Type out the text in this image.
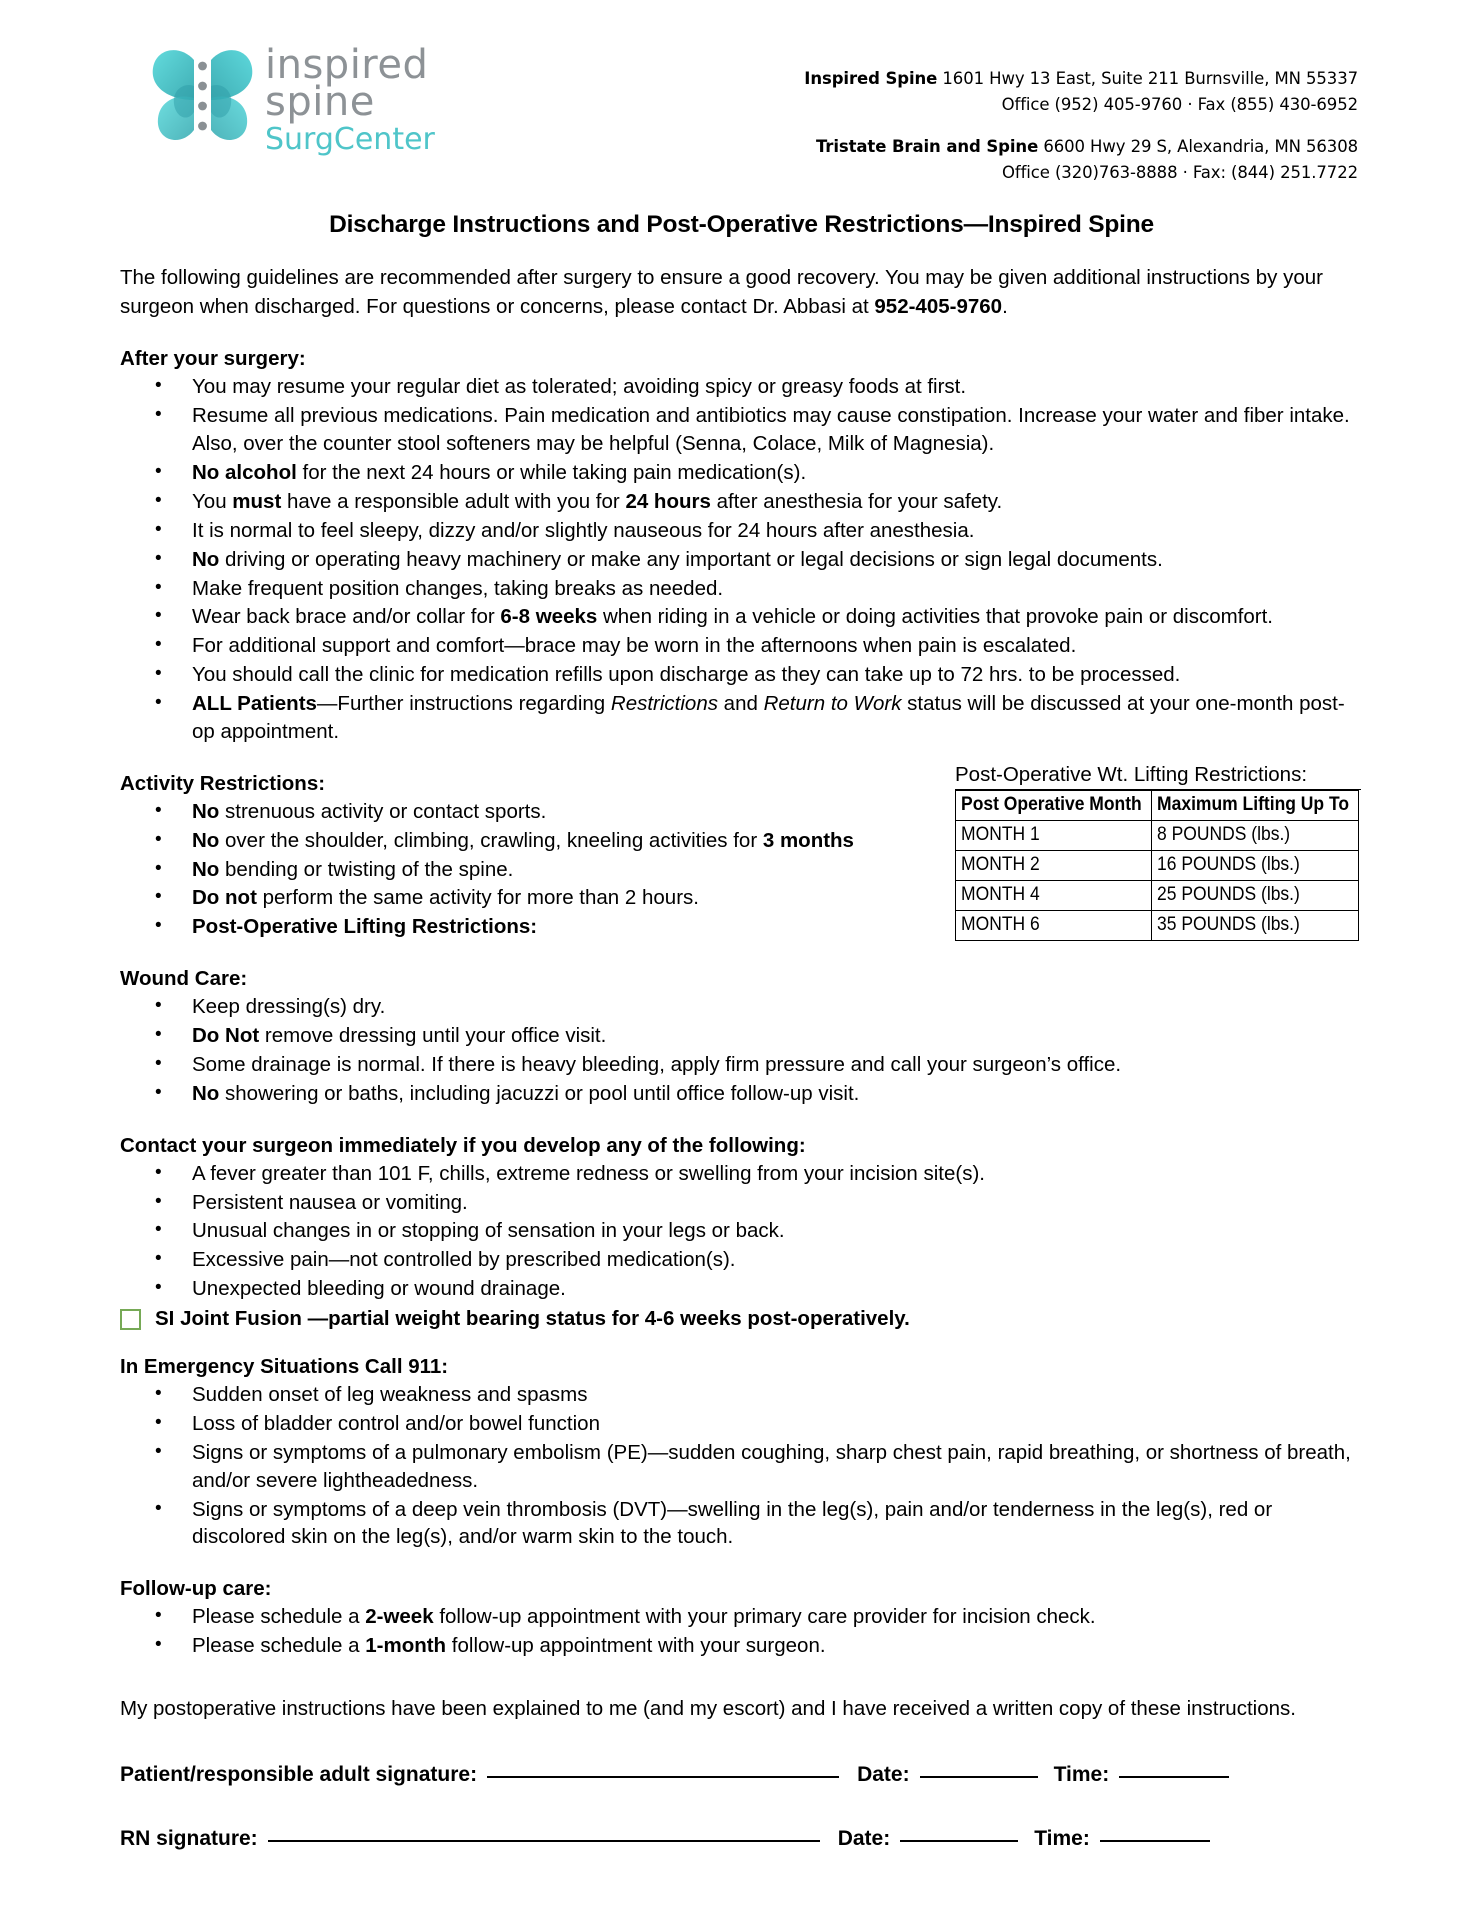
inspired
spine
SurgCenter
Inspired Spine 1601 Hwy 13 East, Suite 211 Burnsville, MN 55337
Office (952) 405-9760 · Fax (855) 430-6952
Tristate Brain and Spine 6600 Hwy 29 S, Alexandria, MN 56308
Office (320)763-8888 · Fax: (844) 251.7722
Discharge Instructions and Post-Operative Restrictions—Inspired Spine

The following guidelines are recommended after surgery to ensure a good recovery. You may be given additional instructions by your surgeon when discharged. For questions or concerns, please contact Dr. Abbasi at 952-405-9760.

After your surgery:
• You may resume your regular diet as tolerated; avoiding spicy or greasy foods at first.
• Resume all previous medications. Pain medication and antibiotics may cause constipation. Increase your water and fiber intake. Also, over the counter stool softeners may be helpful (Senna, Colace, Milk of Magnesia).
• No alcohol for the next 24 hours or while taking pain medication(s).
• You must have a responsible adult with you for 24 hours after anesthesia for your safety.
• It is normal to feel sleepy, dizzy and/or slightly nauseous for 24 hours after anesthesia.
• No driving or operating heavy machinery or make any important or legal decisions or sign legal documents.
• Make frequent position changes, taking breaks as needed.
• Wear back brace and/or collar for 6-8 weeks when riding in a vehicle or doing activities that provoke pain or discomfort.
• For additional support and comfort—brace may be worn in the afternoons when pain is escalated.
• You should call the clinic for medication refills upon discharge as they can take up to 72 hrs. to be processed.
• ALL Patients—Further instructions regarding Restrictions and Return to Work status will be discussed at your one-month post-op appointment.
Activity Restrictions:
• No strenuous activity or contact sports.
• No over the shoulder, climbing, crawling, kneeling activities for 3 months
• No bending or twisting of the spine.
• Do not perform the same activity for more than 2 hours.
• Post-Operative Lifting Restrictions:
Wound Care:
• Keep dressing(s) dry.
• Do Not remove dressing until your office visit.
• Some drainage is normal. If there is heavy bleeding, apply firm pressure and call your surgeon’s office.
• No showering or baths, including jacuzzi or pool until office follow-up visit.
Contact your surgeon immediately if you develop any of the following:
• A fever greater than 101 F, chills, extreme redness or swelling from your incision site(s).
• Persistent nausea or vomiting.
• Unusual changes in or stopping of sensation in your legs or back.
• Excessive pain—not controlled by prescribed medication(s).
• Unexpected bleeding or wound drainage.
SI Joint Fusion —partial weight bearing status for 4-6 weeks post-operatively.
In Emergency Situations Call 911:
• Sudden onset of leg weakness and spasms
• Loss of bladder control and/or bowel function
• Signs or symptoms of a pulmonary embolism (PE)—sudden coughing, sharp chest pain, rapid breathing, or shortness of breath, and/or severe lightheadedness.
• Signs or symptoms of a deep vein thrombosis (DVT)—swelling in the leg(s), pain and/or tenderness in the leg(s), red or discolored skin on the leg(s), and/or warm skin to the touch.
Follow-up care:
• Please schedule a 2-week follow-up appointment with your primary care provider for incision check.
• Please schedule a 1-month follow-up appointment with your surgeon.

My postoperative instructions have been explained to me (and my escort) and I have received a written copy of these instructions.

Patient/responsible adult signature:	Date:	Time:
RN signature:	Date:	Time:
Post-Operative Wt. Lifting Restrictions:
Post Operative Month	Maximum Lifting Up To
MONTH 1	8 POUNDS (lbs.)
MONTH 2	16 POUNDS (lbs.)
MONTH 4	25 POUNDS (lbs.)
MONTH 6	35 POUNDS (lbs.)
